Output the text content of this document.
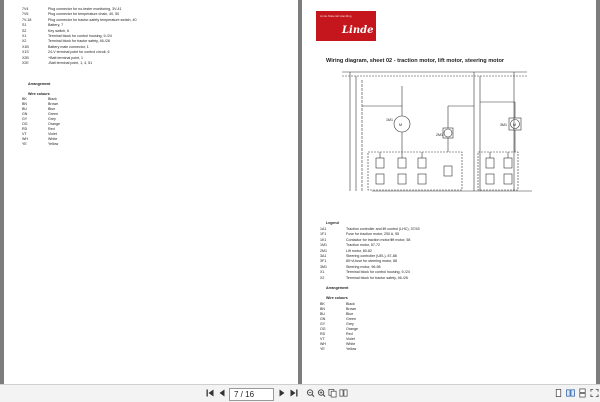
7V4	Plug connector for no-tester monitoring, 3V-41
7V5	Plug connector for temperature chain, 40, 50
7V-18	Plug connector for tractor-safety temperature switch, 40
S1	Battery, 7
S2	Key switch, 6
X1	Terminal block for control housing, 9-/24
X2	Terminal block for tractor safety, 46-/26
X1B	Battery male connector, 1
X1S	24-V terminal point for control circuit, 6
X2B	+Batt terminal point, 1
X2E	-Batt terminal point, 1, 4, 51
Arrangement
Wire colours
BK	Black
BN	Brown
BU	Blue
GN	Green
GY	Grey
OG	Orange
RD	Red
VT	Violet
WH	White
YE	Yellow
Linde Material Handling
Linde
Wiring diagram, sheet 02 - traction motor, lift motor, steering motor
1M1
M
2M1
3M1 M
Legend
1A1	Traction controller and lift control (LHC), 37/43
1F1	Fuse for traction motor, 250 A, 55
1K1	Contactor for traction motor/lift motor, 58
1M1	Traction motor, 57-72
2M1	Lift motor, 80-82
3A1	Steering controller (UEL), 87-88
3F1	80+A fuse for steering motor, 88
3M1	Steering motor, 96-98
X1	Terminal block for control housing, 9-/24
X2	Terminal block for tractor safety, 46-/26
Arrangement
Wire colours
BK	Black
BN	Brown
BU	Blue
GN	Green
GY	Grey
OG	Orange
RD	Red
VT	Violet
WH	White
YE	Yellow
7 / 16
